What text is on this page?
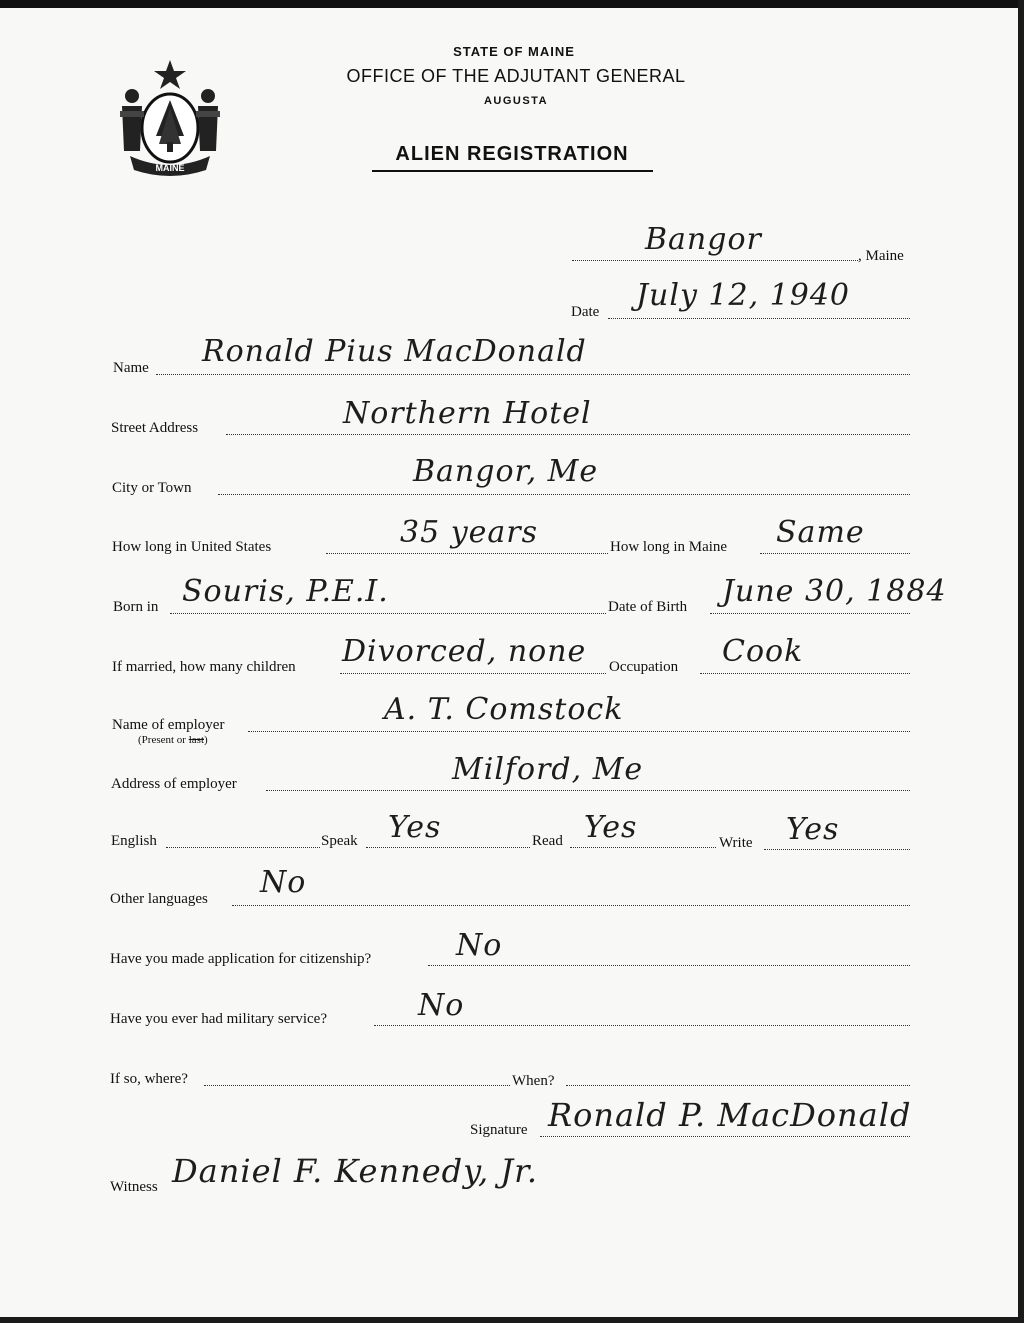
MAINE
STATE OF MAINE
OFFICE OF THE ADJUTANT GENERAL
AUGUSTA
ALIEN REGISTRATION
Bangor	, Maine
Date July 12, 1940
Name Ronald Pius MacDonald
Street Address	Northern Hotel
City or Town	Bangor, Me
How long in United States	35 years	How long in Maine Same
Born in Souris, P.E.I.	Date of Birth June 30, 1884
If married, how many children Divorced, none Occupation Cook
Name of employer
(Present or last)
A. T. Comstock
Address of employer	Milford, Me
English	Speak Yes	Read Yes	Write Yes
Other languages No
Have you made application for citizenship?	No
Have you ever had military service?	No
If so, where?	When?
Signature Ronald P. MacDonald
Witness Daniel F. Kennedy, Jr.
